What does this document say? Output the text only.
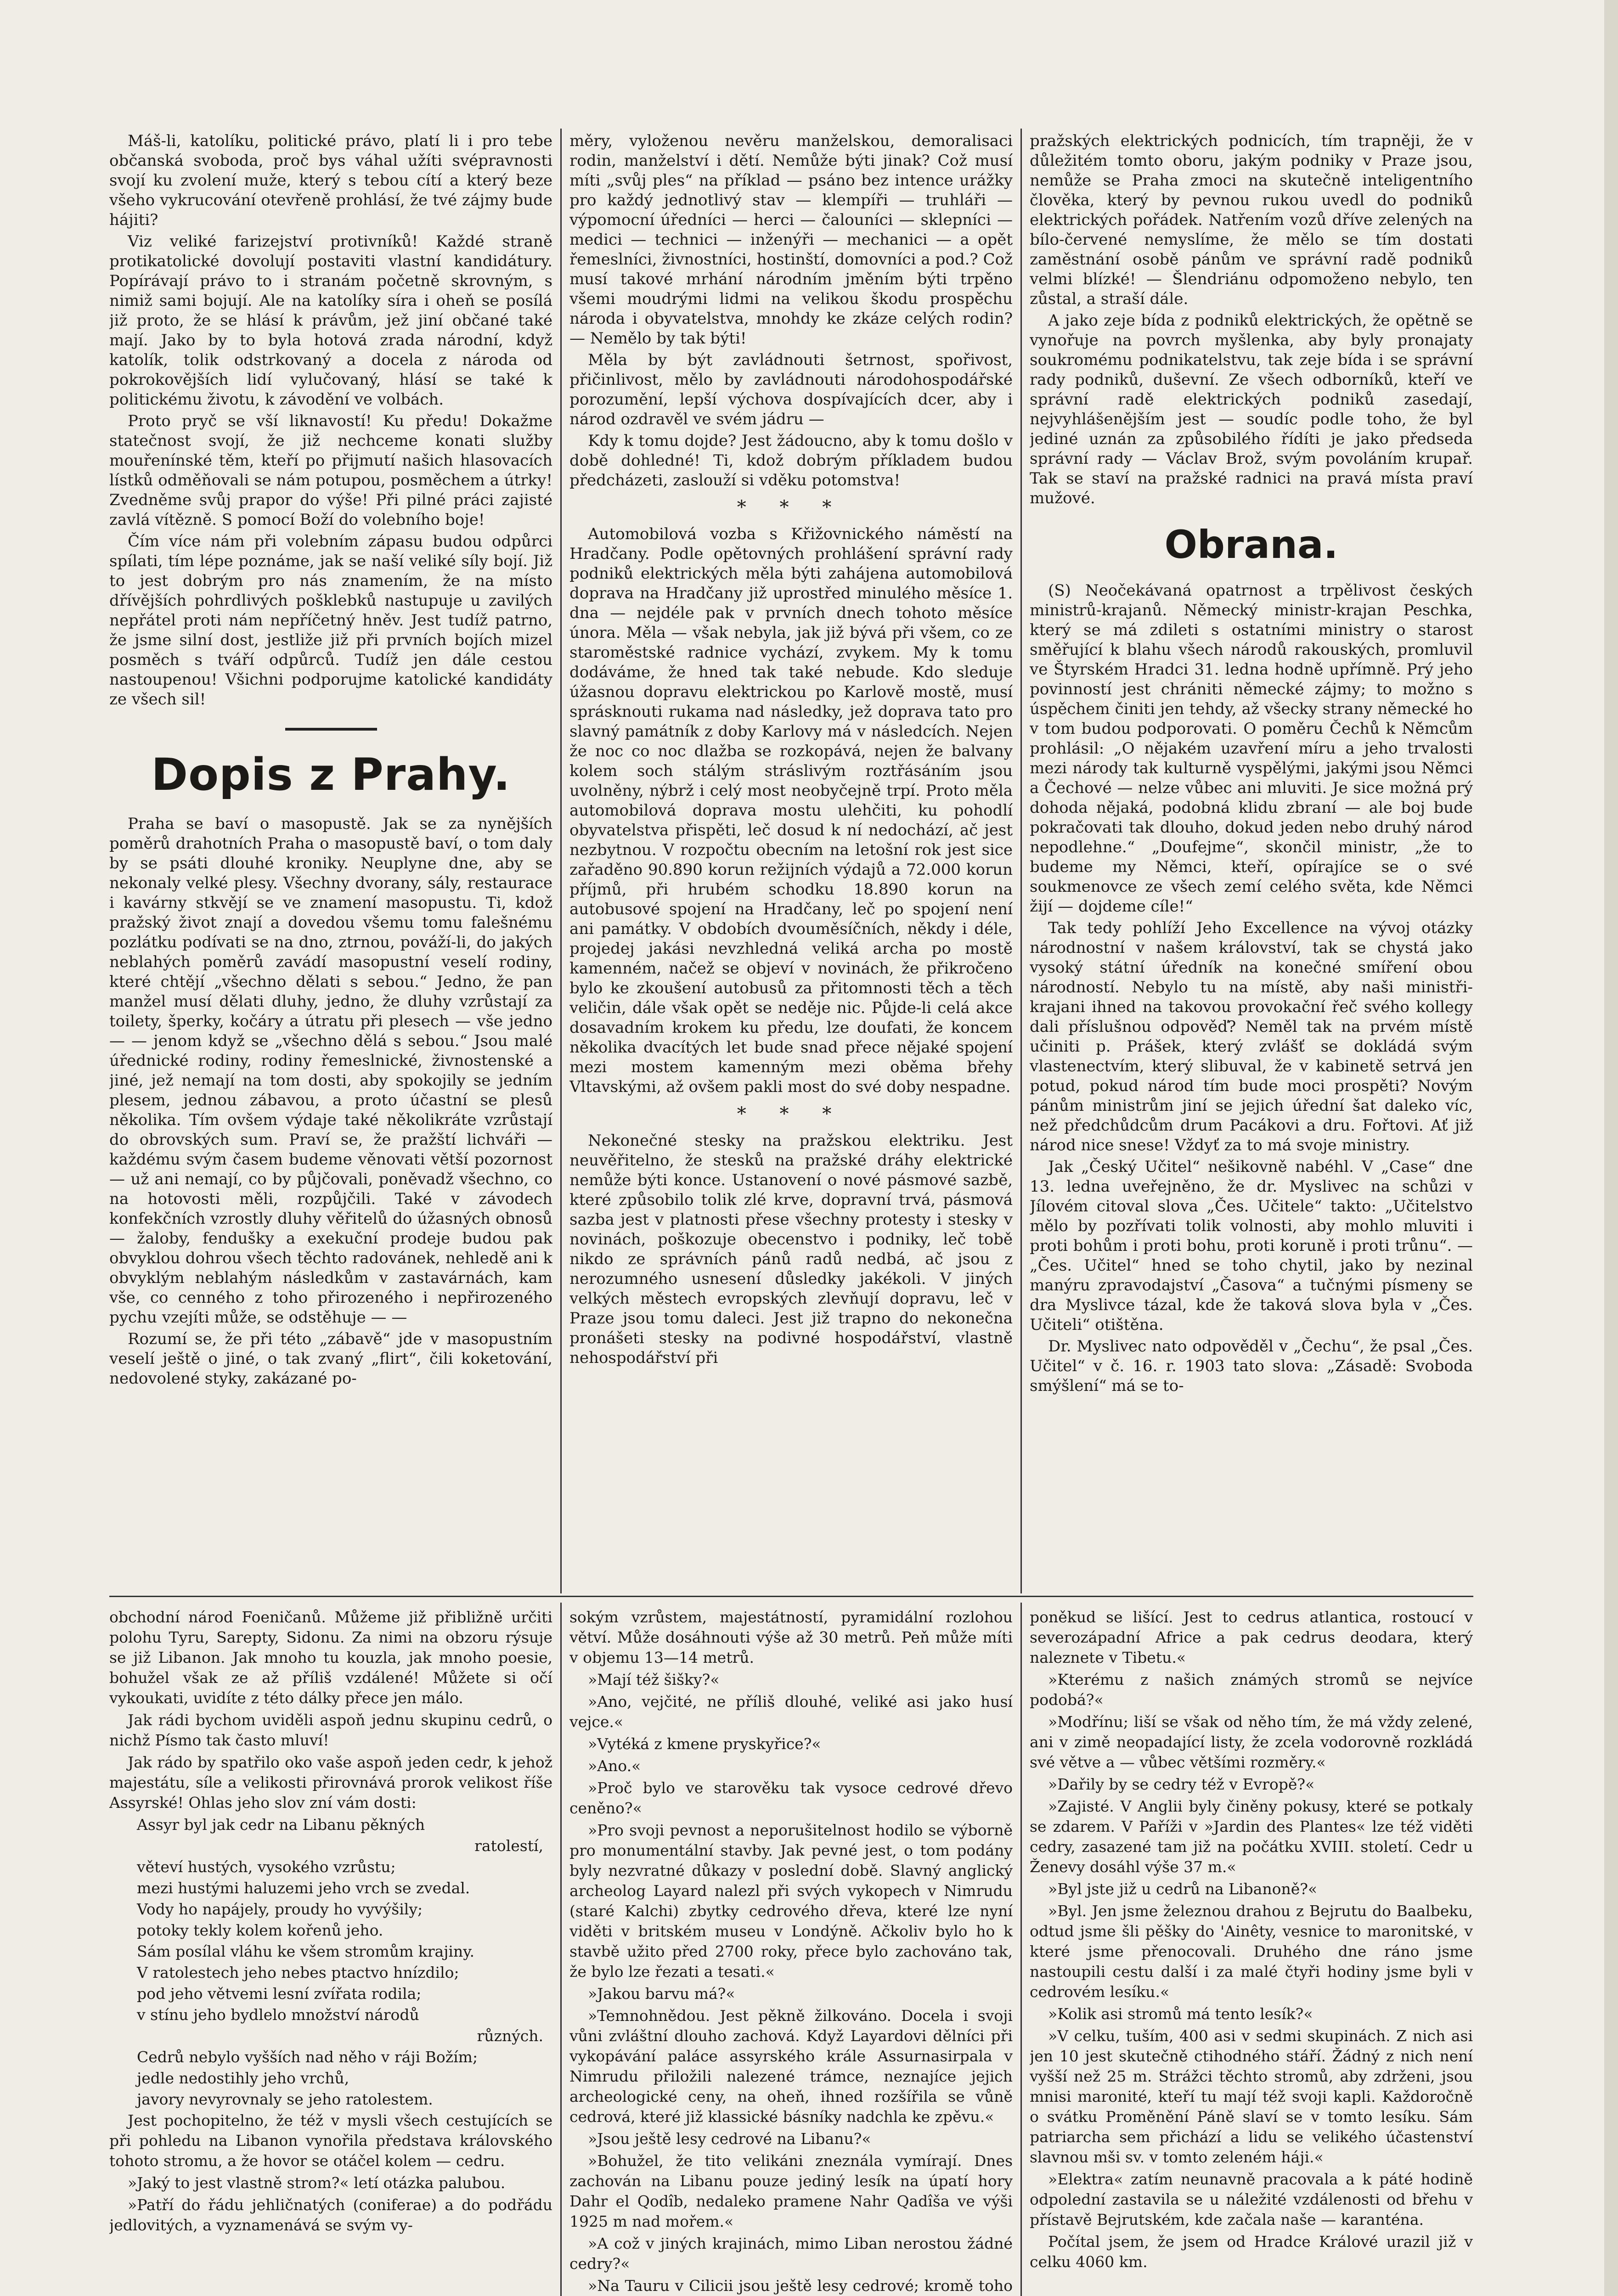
Máš-li, katolíku, politické právo, platí li i pro tebe občanská svoboda, proč bys váhal užíti svépravnosti svojí ku zvolení muže, který s tebou cítí a který beze všeho vykrucování otevřeně prohlásí, že tvé zájmy bude hájiti?

Viz veliké farizejství protivníků! Každé straně protikatolické dovolují postaviti vlastní kandidátury. Popírávají právo to i stranám početně skrovným, s nimiž sami bojují. Ale na katolíky síra i oheň se posílá již proto, že se hlásí k právům, jež jiní občané také mají. Jako by to byla hotová zrada národní, když katolík, tolik odstrkovaný a docela z národa od pokrokovějších lidí vylučovaný, hlásí se také k politickému životu, k závodění ve volbách.

Proto pryč se vší liknavostí! Ku předu! Dokažme statečnost svojí, že již nechceme konati služby mouřenínské těm, kteří po přijmutí našich hlasovacích lístků odměňovali se nám potupou, posměchem a útrky! Zvedněme svůj prapor do výše! Při pilné práci zajisté zavlá vítězně. S pomocí Boží do volebního boje!

Čím více nám při volebním zápasu budou odpůrci spílati, tím lépe poznáme, jak se naší veliké síly bojí. Již to jest dobrým pro nás znamením, že na místo dřívějších pohrdlivých pošklebků nastupuje u zavilých nepřátel proti nám nepříčetný hněv. Jest tudíž patrno, že jsme silní dost, jestliže již při prvních bojích mizel posměch s tváří odpůrců. Tudíž jen dále cestou nastoupenou! Všichni podporujme katolické kandidáty ze všech sil!

Dopis z Prahy.

Praha se baví o masopustě. Jak se za nynějších poměrů drahotních Praha o masopustě baví, o tom daly by se psáti dlouhé kroniky. Neuplyne dne, aby se nekonaly velké plesy. Všechny dvorany, sály, restaurace i kavárny stkvějí se ve znamení masopustu. Ti, kdož pražský život znají a dovedou všemu tomu falešnému pozlátku podívati se na dno, ztrnou, pováží-li, do jakých neblahých poměrů zavádí masopustní veselí rodiny, které chtějí „všechno dělati s sebou.“ Jedno, že pan manžel musí dělati dluhy, jedno, že dluhy vzrůstají za toilety, šperky, kočáry a útratu při plesech — vše jedno — — jenom když se „všechno dělá s sebou.“ Jsou malé úřednické rodiny, rodiny řemeslnické, živnostenské a jiné, jež nemají na tom dosti, aby spokojily se jedním plesem, jednou zábavou, a proto účastní se plesů několika. Tím ovšem výdaje také několikráte vzrůstají do obrovských sum. Praví se, že pražští lichváři — každému svým časem budeme věnovati větší pozornost — už ani nemají, co by půjčovali, poněvadž všechno, co na hotovosti měli, rozpůjčili. Také v závodech konfekčních vzrostly dluhy věřitelů do úžasných obnosů — žaloby, fendušky a exekuční prodeje budou pak obvyklou dohrou všech těchto radovánek, nehledě ani k obvyklým neblahým následkům v zastavárnách, kam vše, co cenného z toho přirozeného i nepřirozeného pychu vzejíti může, se odstěhuje — —

Rozumí se, že při této „zábavě“ jde v masopustním veselí ještě o jiné, o tak zvaný „flirt“, čili koketování, nedovolené styky, zakázané po-

měry, vyloženou nevěru manželskou, demoralisaci rodin, manželství i dětí. Nemůže býti jinak? Což musí míti „svůj ples“ na příklad — psáno bez intence urážky pro každý jednotlivý stav — klempíři — truhláři — výpomocní úředníci — herci — čalouníci — sklepníci — medici — technici — inženýři — mechanici — a opět řemeslníci, živnostníci, hostinští, domovníci a pod.? Což musí takové mrhání národním jměním býti trpěno všemi moudrými lidmi na velikou škodu prospěchu národa i obyvatelstva, mnohdy ke zkáze celých rodin? — Nemělo by tak býti!

Měla by být zavládnouti šetrnost, spořivost, přičinlivost, mělo by zavládnouti národohospodářské porozumění, lepší výchova dospívajících dcer, aby i národ ozdravěl ve svém jádru —

Kdy k tomu dojde? Jest žádoucno, aby k tomu došlo v době dohledné! Ti, kdož dobrým příkladem budou předcházeti, zaslouží si vděku potomstva!

* * *

Automobilová vozba s Křižovnického náměstí na Hradčany. Podle opětovných prohlášení správní rady podniků elektrických měla býti zahájena automobilová doprava na Hradčany již uprostřed minulého měsíce 1. dna — nejdéle pak v prvních dnech tohoto měsíce února. Měla — však nebyla, jak již bývá při všem, co ze staroměstské radnice vychází, zvykem. My k tomu dodáváme, že hned tak také nebude. Kdo sleduje úžasnou dopravu elektrickou po Karlově mostě, musí sprásknouti rukama nad následky, jež doprava tato pro slavný památník z doby Karlovy má v následcích. Nejen že noc co noc dlažba se rozkopává, nejen že balvany kolem soch stálým stráslivým roztřásáním jsou uvolněny, nýbrž i celý most neobyčejně trpí. Proto měla automobilová doprava mostu ulehčiti, ku pohodlí obyvatelstva přispěti, leč dosud k ní nedochází, ač jest nezbytnou. V rozpočtu obecním na letošní rok jest sice zařaděno 90.890 korun režijních výdajů a 72.000 korun příjmů, při hrubém schodku 18.890 korun na autobusové spojení na Hradčany, leč po spojení není ani památky. V obdobích dvouměsíčních, někdy i déle, projedej jakási nevzhledná veliká archa po mostě kamenném, načež se objeví v novinách, že přikročeno bylo ke zkoušení autobusů za přitomnosti těch a těch veličin, dále však opět se neděje nic. Půjde-li celá akce dosavadním krokem ku předu, lze doufati, že koncem několika dvacítých let bude snad přece nějaké spojení mezi mostem kamenným mezi oběma břehy Vltavskými, až ovšem pakli most do své doby nespadne.

* * *

Nekonečné stesky na pražskou elektriku. Jest neuvěřitelno, že stesků na pražské dráhy elektrické nemůže býti konce. Ustanovení o nové pásmové sazbě, které způsobilo tolik zlé krve, dopravní trvá, pásmová sazba jest v platnosti přese všechny protesty i stesky v novinách, poškozuje obecenstvo i podniky, leč tobě nikdo ze správních pánů radů nedbá, ač jsou z nerozumného usnesení důsledky jakékoli. V jiných velkých městech evropských zlevňují dopravu, leč v Praze jsou tomu daleci. Jest již trapno do nekonečna pronášeti stesky na podivné hospodářství, vlastně nehospodářství při

pražských elektrických podnicích, tím trapněji, že v důležitém tomto oboru, jakým podniky v Praze jsou, nemůže se Praha zmoci na skutečně inteligentního člověka, který by pevnou rukou uvedl do podniků elektrických pořádek. Natřením vozů dříve zelených na bílo-červené nemyslíme, že mělo se tím dostati zaměstnání osobě pánům ve správní radě podniků velmi blízké! — Šlendriánu odpomoženo nebylo, ten zůstal, a straší dále.

A jako zeje bída z podniků elektrických, že opětně se vynořuje na povrch myšlenka, aby byly pronajaty soukromému podnikatelstvu, tak zeje bída i se správní rady podniků, duševní. Ze všech odborníků, kteří ve správní radě elektrických podniků zasedají, nejvyhlášenějším jest — soudíc podle toho, že byl jediné uznán za způsobilého řídíti je jako předseda správní rady — Václav Brož, svým povoláním krupař. Tak se staví na pražské radnici na pravá místa praví mužové.

Obrana.

(S) Neočekávaná opatrnost a trpělivost českých ministrů-krajanů. Německý ministr-krajan Peschka, který se má zdileti s ostatními ministry o starost směřující k blahu všech národů rakouských, promluvil ve Štyrském Hradci 31. ledna hodně upřímně. Prý jeho povinností jest chrániti německé zájmy; to možno s úspěchem činiti jen tehdy, až všecky strany německé ho v tom budou podporovati. O poměru Čechů k Němcům prohlásil: „O nějakém uzavření míru a jeho trvalosti mezi národy tak kulturně vyspělými, jakými jsou Němci a Čechové — nelze vůbec ani mluviti. Je sice možná prý dohoda nějaká, podobná klidu zbraní — ale boj bude pokračovati tak dlouho, dokud jeden nebo druhý národ nepodlehne.“ „Doufejme“, skončil ministr, „že to budeme my Němci, kteří, opírajíce se o své soukmenovce ze všech zemí celého světa, kde Němci žijí — dojdeme cíle!“

Tak tedy pohlíží Jeho Excellence na vývoj otázky národnostní v našem království, tak se chystá jako vysoký státní úředník na konečné smíření obou národností. Nebylo tu na místě, aby naši ministři-krajani ihned na takovou provokační řeč svého kollegy dali příslušnou odpověď? Neměl tak na prvém místě učiniti p. Prášek, který zvlášť se dokládá svým vlastenectvím, který slibuval, že v kabinetě setrvá jen potud, pokud národ tím bude moci prospěti? Novým pánům ministrům jiní se jejich úřední šat daleko víc, než předchůdcům drum Pacákovi a dru. Fořtovi. Ať již národ nice snese! Vždyť za to má svoje ministry.

Jak „Český Učitel“ nešikovně nabéhl. V „Case“ dne 13. ledna uveřejněno, že dr. Myslivec na schůzi v Jílovém citoval slova „Čes. Učitele“ takto: „Učitelstvo mělo by pozřívati tolik volnosti, aby mohlo mluviti i proti bohům i proti bohu, proti koruně i proti trůnu“. — „Čes. Učitel“ hned se toho chytil, jako by nezinal manýru zpravodajství „Časova“ a tučnými písmeny se dra Myslivce tázal, kde že taková slova byla v „Čes. Učiteli“ otištěna.

Dr. Myslivec nato odpověděl v „Čechu“, že psal „Čes. Učitel“ v č. 16. r. 1903 tato slova: „Zásadě: Svoboda smýšlení“ má se to-

obchodní národ Foeničanů. Můžeme již přibližně určiti polohu Tyru, Sarepty, Sidonu. Za nimi na obzoru rýsuje se již Libanon. Jak mnoho tu kouzla, jak mnoho poesie, bohužel však ze až příliš vzdálené! Můžete si očí vykoukati, uvidíte z této dálky přece jen málo.

Jak rádi bychom uviděli aspoň jednu skupinu cedrů, o nichž Písmo tak často mluví!

Jak rádo by spatřilo oko vaše aspoň jeden cedr, k jehož majestátu, síle a velikosti přirovnává prorok velikost říše Assyrské! Ohlas jeho slov zní vám dosti:

Assyr byl jak cedr na Libanu pěkných
ratolestí,
věteví hustých, vysokého vzrůstu;
mezi hustými haluzemi jeho vrch se zvedal.
Vody ho napájely, proudy ho vyvýšily;
potoky tekly kolem kořenů jeho.
Sám posílal vláhu ke všem stromům krajiny.
V ratolestech jeho nebes ptactvo hnízdilo;
pod jeho větvemi lesní zvířata rodila;
v stínu jeho bydlelo množství národů
různých.
Cedrů nebylo vyšších nad něho v ráji Božím;
jedle nedostihly jeho vrchů,
javory nevyrovnaly se jeho ratolestem.

Jest pochopitelno, že též v mysli všech cestujících se při pohledu na Libanon vynořila představa královského tohoto stromu, a že hovor se otáčel kolem — cedru.

»Jaký to jest vlastně strom?« letí otázka palubou.

»Patří do řádu jehličnatých (coniferae) a do podřádu jedlovitých, a vyznamenává se svým vy-

sokým vzrůstem, majestátností, pyramidální rozlohou větví. Může dosáhnouti výše až 30 metrů. Peň může míti v objemu 13—14 metrů.

»Mají též šišky?«

»Ano, vejčité, ne příliš dlouhé, veliké asi jako husí vejce.«

»Vytéká z kmene pryskyřice?«

»Ano.«

»Proč bylo ve starověku tak vysoce cedrové dřevo ceněno?«

»Pro svoji pevnost a neporušitelnost hodilo se výborně pro monumentální stavby. Jak pevné jest, o tom podány byly nezvratné důkazy v poslední době. Slavný anglický archeolog Layard nalezl při svých vykopech v Nimrudu (staré Kalchi) zbytky cedrového dřeva, které lze nyní viděti v britském museu v Londýně. Ačkoliv bylo ho k stavbě užito před 2700 roky, přece bylo zachováno tak, že bylo lze řezati a tesati.«

»Jakou barvu má?«

»Temnohnědou. Jest pěkně žilkováno. Docela i svoji vůni zvláštní dlouho zachová. Když Layardovi dělníci při vykopávání paláce assyrského krále Assurnasirpala v Nimrudu přiložili nalezené trámce, neznajíce jejich archeologické ceny, na oheň, ihned rozšířila se vůně cedrová, které již klassické básníky nadchla ke zpěvu.«

»Jsou ještě lesy cedrové na Libanu?«

»Bohužel, že tito velikáni zneznála vymírají. Dnes zachován na Libanu pouze jediný lesík na úpatí hory Dahr el Qodîb, nedaleko pramene Nahr Qadîša ve výši 1925 m nad mořem.«

»A což v jiných krajinách, mimo Liban nerostou žádné cedry?«

»Na Tauru v Cilicii jsou ještě lesy cedrové; kromě toho

poněkud se lišící. Jest to cedrus atlantica, rostoucí v severozápadní Africe a pak cedrus deodara, který naleznete v Tibetu.«

»Kterému z našich známých stromů se nejvíce podobá?«

»Modřínu; liší se však od něho tím, že má vždy zelené, ani v zimě neopadající listy, že zcela vodorovně rozkládá své větve a — vůbec většími rozměry.«

»Dařily by se cedry též v Evropě?«

»Zajisté. V Anglii byly činěny pokusy, které se potkaly se zdarem. V Paříži v »Jardin des Plantes« lze též viděti cedry, zasazené tam již na počátku XVIII. století. Cedr u Ženevy dosáhl výše 37 m.«

»Byl jste již u cedrů na Libanoně?«

»Byl. Jen jsme železnou drahou z Bejrutu do Baalbeku, odtud jsme šli pěšky do 'Ainêty, vesnice to maronitské, v které jsme přenocovali. Druhého dne ráno jsme nastoupili cestu další i za malé čtyři hodiny jsme byli v cedrovém lesíku.«

»Kolik asi stromů má tento lesík?«

»V celku, tuším, 400 asi v sedmi skupinách. Z nich asi jen 10 jest skutečně ctihodného stáří. Žádný z nich není vyšší než 25 m. Strážci těchto stromů, aby zdrženi, jsou mnisi maronité, kteří tu mají též svoji kapli. Každoročně o svátku Proměnění Páně slaví se v tomto lesíku. Sám patriarcha sem přichází a lidu se velikého účastenství slavnou mši sv. v tomto zeleném háji.«

»Elektra« zatím neunavně pracovala a k páté hodině odpolední zastavila se u náležité vzdálenosti od břehu v přístavě Bejrutském, kde začala naše — karanténa.

Počítal jsem, že jsem od Hradce Králové urazil již v celku 4060 km.
